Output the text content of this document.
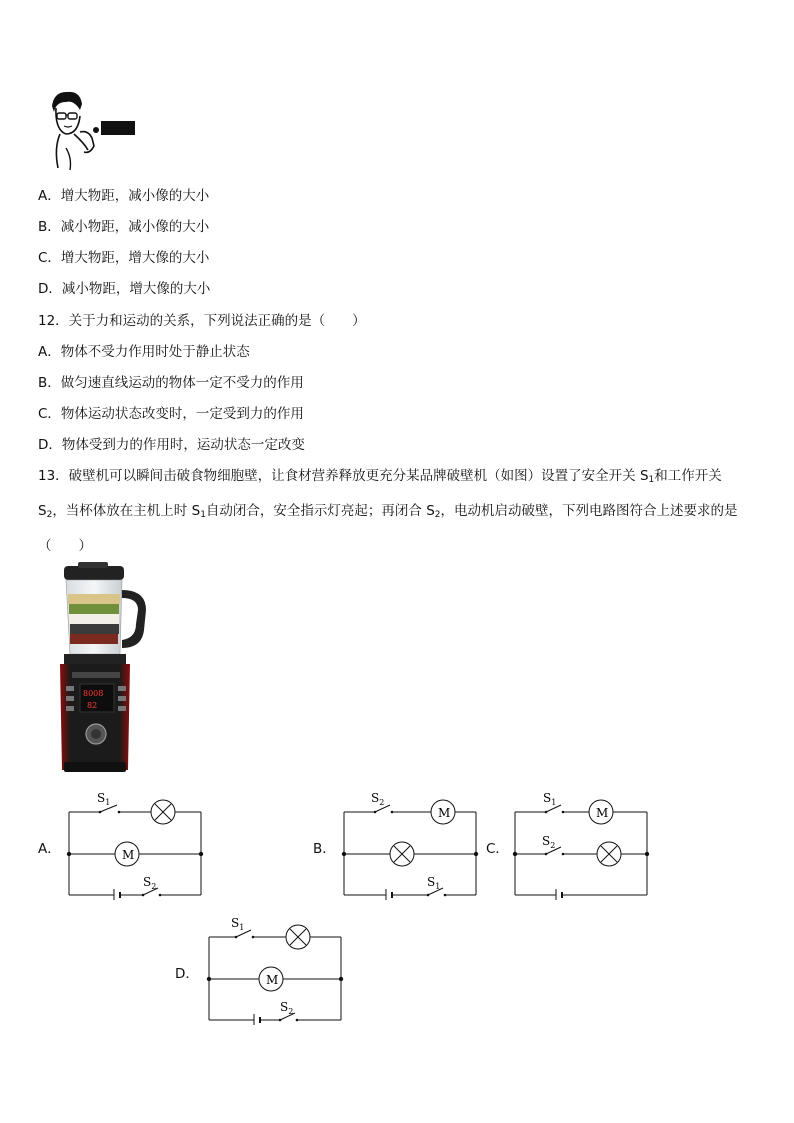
A．增大物距，减小像的大小
B．减小物距，减小像的大小
C．增大物距，增大像的大小
D．减小物距，增大像的大小
12．关于力和运动的关系，下列说法正确的是（　　）
A．物体不受力作用时处于静止状态
B．做匀速直线运动的物体一定不受力的作用
C．物体运动状态改变时，一定受到力的作用
D．物体受到力的作用时，运动状态一定改变
13．破壁机可以瞬间击破食物细胞壁，让食材营养释放更充分某品牌破壁机（如图）设置了安全开关 $S_1$和工作开关
$S_2$，当杯体放在主机上时 $S_1$自动闭合，安全指示灯亮起；再闭合 $S_2$，电动机启动破壁，下列电路图符合上述要求的是
（　　）
8008
82
A．	B．	C．
D．
M
$S_1$
$S_2$
M
$S_2$
$S_1$
M
$S_1$
$S_2$
M
$S_1$
$S_2$
